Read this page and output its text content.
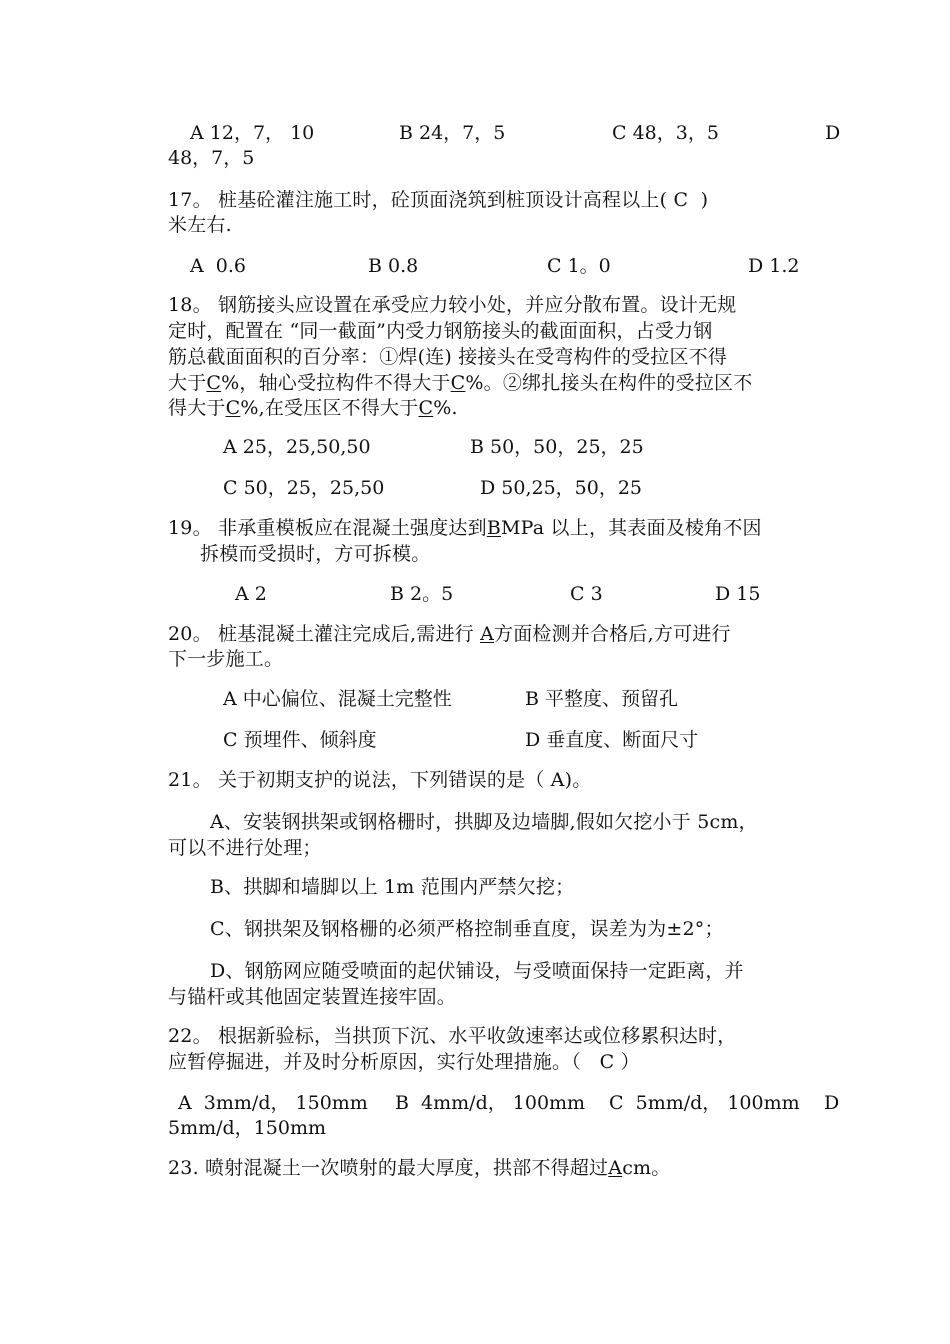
A 12，7， 10	B 24，7，5	C 48，3，5	D
48，7，5
17。 桩基砼灌注施工时，砼顶面浇筑到桩顶设计高程以上( C  )
米左右.
A  0.6	B 0.8	C 1。0	D 1.2
18。 钢筋接头应设置在承受应力较小处，并应分散布置。设计无规
定时，配置在 “同一截面”内受力钢筋接头的截面面积，占受力钢
筋总截面面积的百分率：①焊(连) 接接头在受弯构件的受拉区不得
大于C%，轴心受拉构件不得大于C%。②绑扎接头在构件的受拉区不
得大于C%,在受压区不得大于C%.
A 25，25,50,50	B 50，50，25，25
C 50，25，25,50	D 50,25，50，25
19。 非承重模板应在混凝土强度达到BMPa 以上，其表面及棱角不因
拆模而受损时，方可拆模。
A 2	B 2。5	C 3	D 15
20。 桩基混凝土灌注完成后,需进行 A方面检测并合格后,方可进行
下一步施工。
A 中心偏位、混凝土完整性	B 平整度、预留孔
C 预埋件、倾斜度	D 垂直度、断面尺寸
21。 关于初期支护的说法，下列错误的是（ A)。
A、安装钢拱架或钢格栅时，拱脚及边墙脚,假如欠挖小于 5cm，
可以不进行处理；
B、拱脚和墙脚以上 1m 范围内严禁欠挖；
C、钢拱架及钢格栅的必须严格控制垂直度，误差为为±2°；
D、钢筋网应随受喷面的起伏铺设，与受喷面保持一定距离，并
与锚杆或其他固定装置连接牢固。
22。 根据新验标，当拱顶下沉、水平收敛速率达或位移累积达时，
应暂停掘进，并及时分析原因，实行处理措施。（   C ）
A  3mm/d， 150mm B  4mm/d， 100mm C  5mm/d， 100mm D
5mm/d，150mm
23. 喷射混凝土一次喷射的最大厚度，拱部不得超过Acm。
